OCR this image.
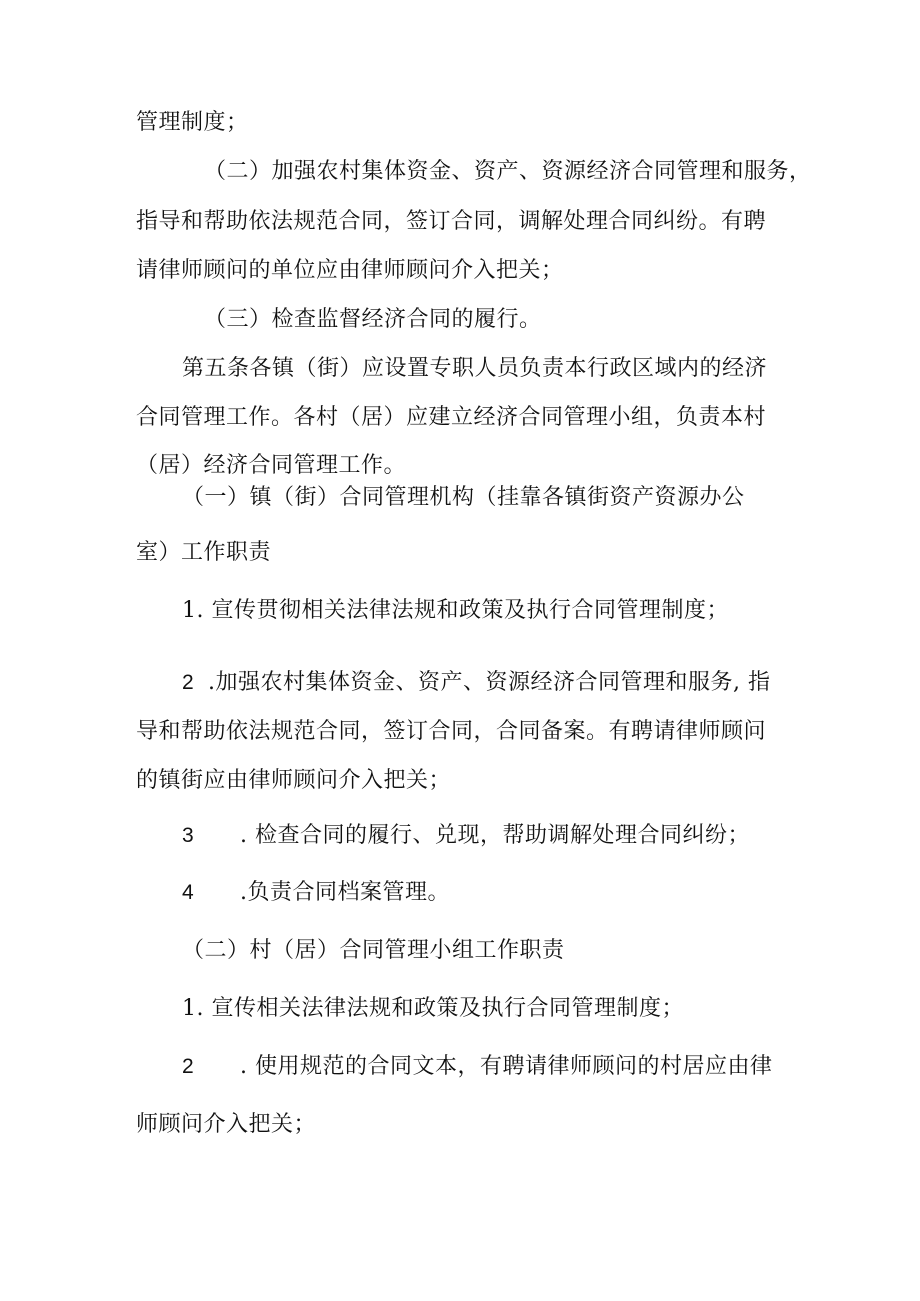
管理制度；
（二）加强农村集体资金、资产、资源经济合同管理和服务，
指导和帮助依法规范合同，签订合同，调解处理合同纠纷。有聘
请律师顾问的单位应由律师顾问介入把关；
（三）检查监督经济合同的履行。
第五条各镇（街）应设置专职人员负责本行政区域内的经济
合同管理工作。各村（居）应建立经济合同管理小组，负责本村
（居）经济合同管理工作。
（一）镇（街）合同管理机构（挂靠各镇街资产资源办公
室）工作职责
1. 宣传贯彻相关法律法规和政策及执行合同管理制度；
2 .加强农村集体资金、资产、资源经济合同管理和服务, 指
导和帮助依法规范合同，签订合同，合同备案。有聘请律师顾问
的镇街应由律师顾问介入把关；
3 . 检查合同的履行、兑现，帮助调解处理合同纠纷；
4 .负责合同档案管理。
（二）村（居）合同管理小组工作职责
1. 宣传相关法律法规和政策及执行合同管理制度；
2 . 使用规范的合同文本，有聘请律师顾问的村居应由律
师顾问介入把关；
